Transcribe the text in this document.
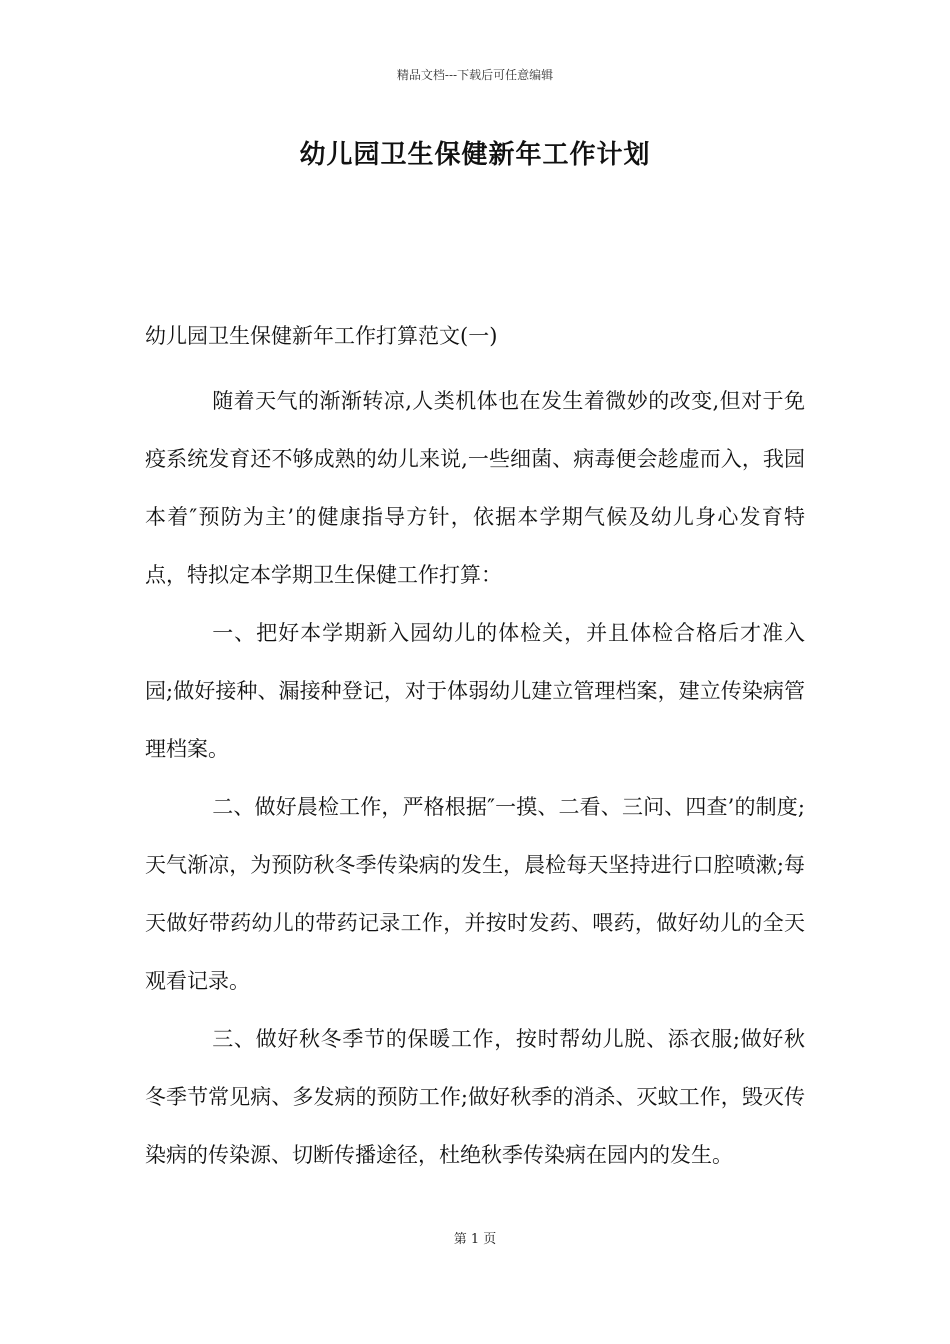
精品文档---下载后可任意编辑
幼儿园卫生保健新年工作计划
幼儿园卫生保健新年工作打算范文(一)

随着天气的渐渐转凉,人类机体也在发生着微妙的改变,但对于免疫系统发育还不够成熟的幼儿来说,一些细菌、病毒便会趁虚而入，我园本着″预防为主’的健康指导方针，依据本学期气候及幼儿身心发育特点，特拟定本学期卫生保健工作打算：

一、把好本学期新入园幼儿的体检关，并且体检合格后才准入园;做好接种、漏接种登记，对于体弱幼儿建立管理档案，建立传染病管理档案。

二、做好晨检工作，严格根据″一摸、二看、三问、四查’的制度;天气渐凉，为预防秋冬季传染病的发生，晨检每天坚持进行口腔喷漱;每天做好带药幼儿的带药记录工作，并按时发药、喂药，做好幼儿的全天观看记录。

三、做好秋冬季节的保暖工作，按时帮幼儿脱、添衣服;做好秋冬季节常见病、多发病的预防工作;做好秋季的消杀、灭蚊工作，毁灭传染病的传染源、切断传播途径，杜绝秋季传染病在园内的发生。

第 1 页
